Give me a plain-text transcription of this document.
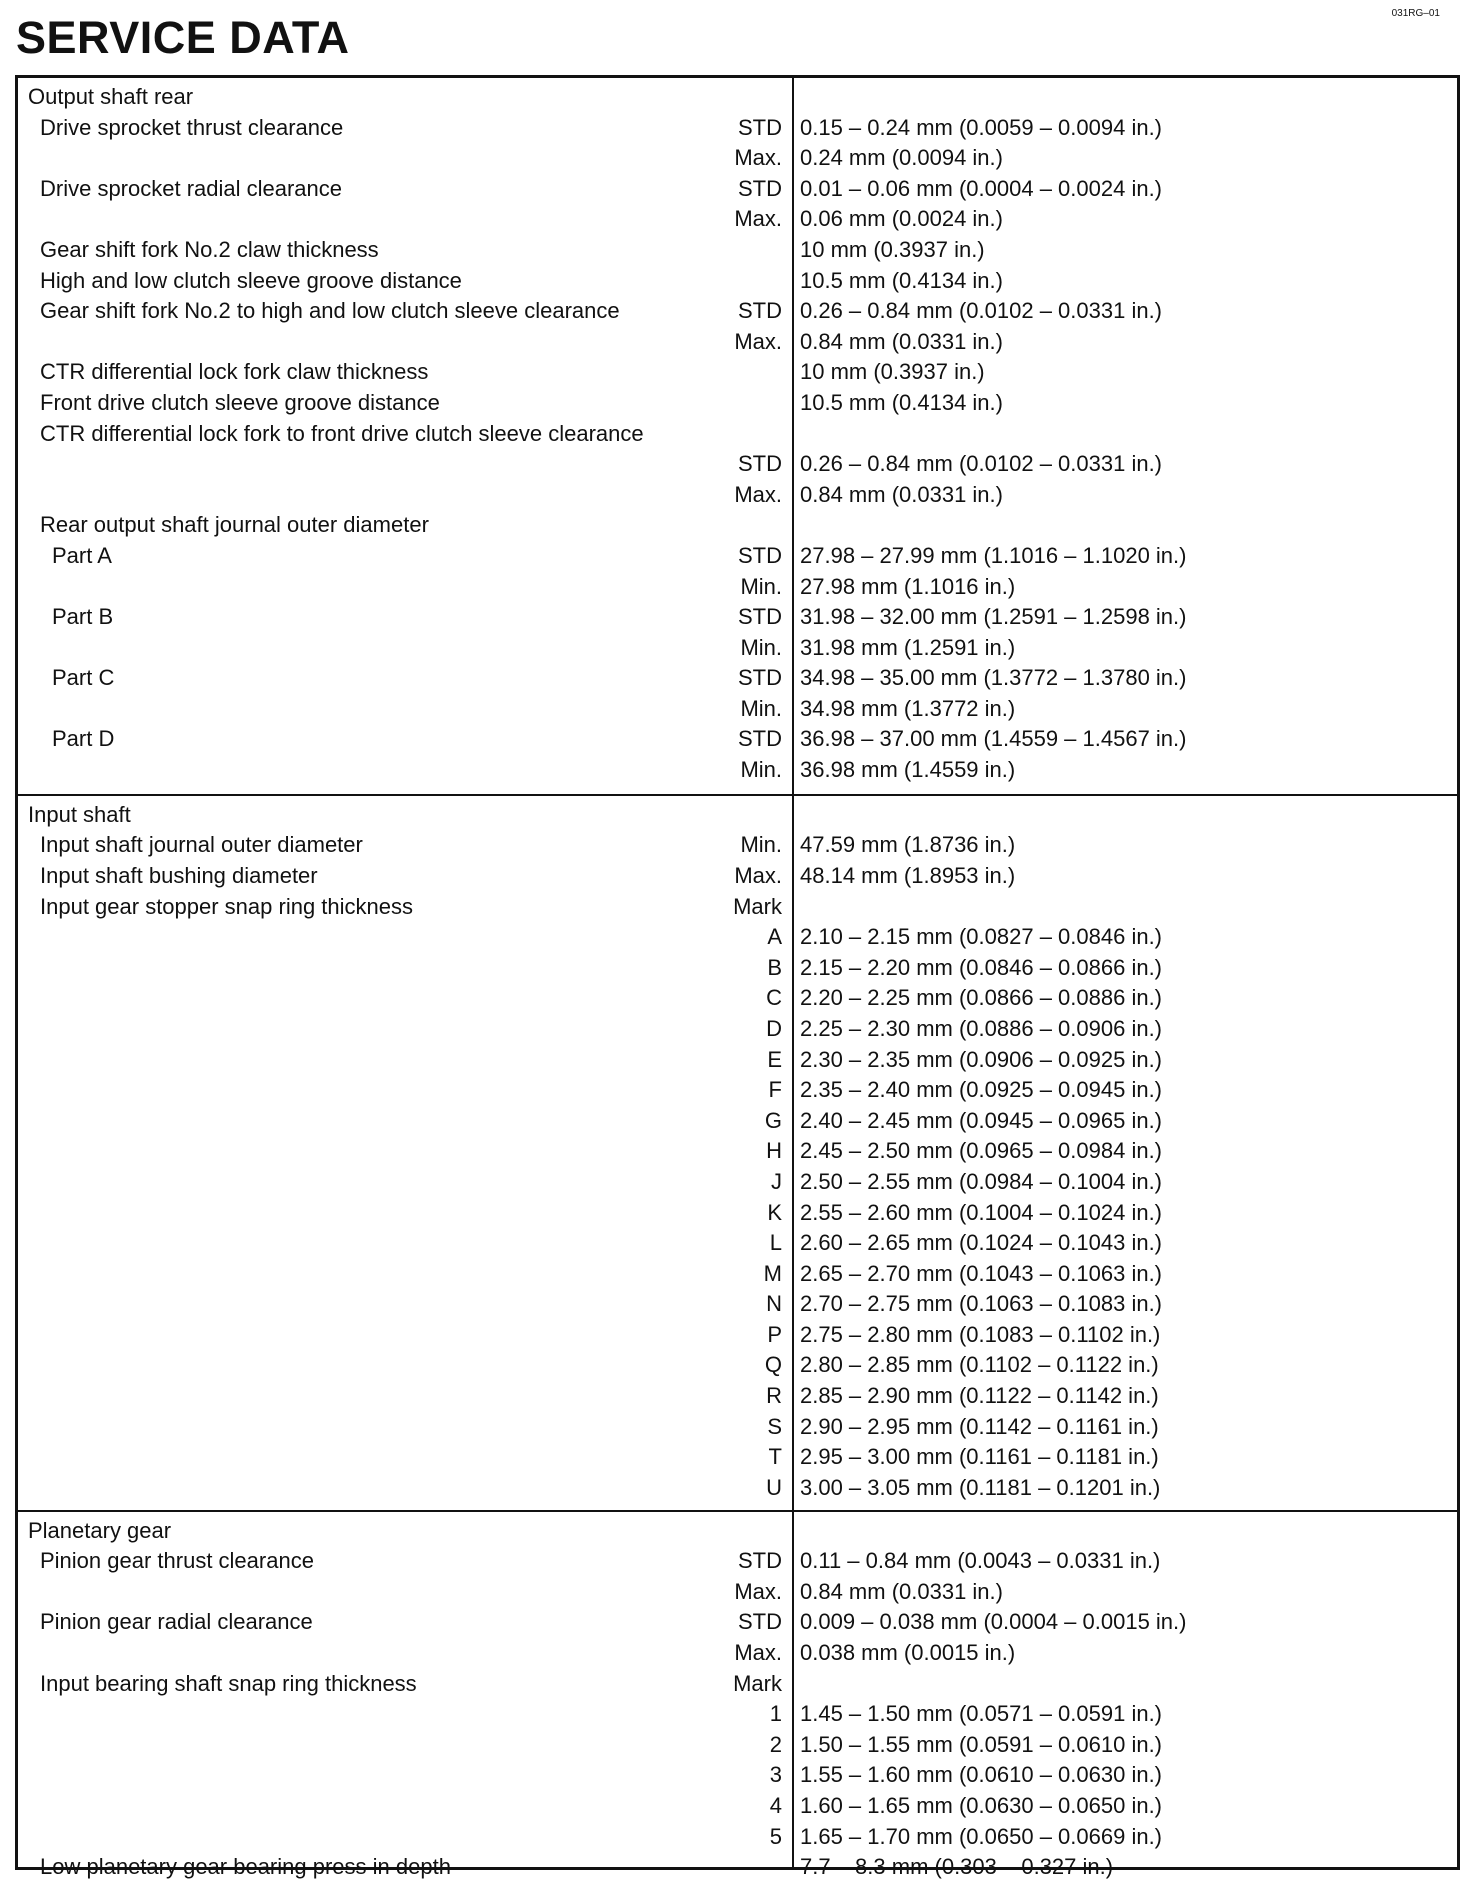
SERVICE DATA	031RG–01
Output shaft rear
Drive sprocket thrust clearance	STD 0.15 – 0.24 mm (0.0059 – 0.0094 in.)
Max. 0.24 mm (0.0094 in.)
Drive sprocket radial clearance	STD 0.01 – 0.06 mm (0.0004 – 0.0024 in.)
Max. 0.06 mm (0.0024 in.)
Gear shift fork No.2 claw thickness	10 mm (0.3937 in.)
High and low clutch sleeve groove distance	10.5 mm (0.4134 in.)
Gear shift fork No.2 to high and low clutch sleeve clearance	STD 0.26 – 0.84 mm (0.0102 – 0.0331 in.)
Max. 0.84 mm (0.0331 in.)
CTR differential lock fork claw thickness	10 mm (0.3937 in.)
Front drive clutch sleeve groove distance	10.5 mm (0.4134 in.)
CTR differential lock fork to front drive clutch sleeve clearance
STD 0.26 – 0.84 mm (0.0102 – 0.0331 in.)
Max. 0.84 mm (0.0331 in.)
Rear output shaft journal outer diameter
Part A	STD 27.98 – 27.99 mm (1.1016 – 1.1020 in.)
Min. 27.98 mm (1.1016 in.)
Part B	STD 31.98 – 32.00 mm (1.2591 – 1.2598 in.)
Min. 31.98 mm (1.2591 in.)
Part C	STD 34.98 – 35.00 mm (1.3772 – 1.3780 in.)
Min. 34.98 mm (1.3772 in.)
Part D	STD 36.98 – 37.00 mm (1.4559 – 1.4567 in.)
Min. 36.98 mm (1.4559 in.)
Input shaft
Input shaft journal outer diameter	Min. 47.59 mm (1.8736 in.)
Input shaft bushing diameter	Max. 48.14 mm (1.8953 in.)
Input gear stopper snap ring thickness	Mark
A 2.10 – 2.15 mm (0.0827 – 0.0846 in.)
B 2.15 – 2.20 mm (0.0846 – 0.0866 in.)
C 2.20 – 2.25 mm (0.0866 – 0.0886 in.)
D 2.25 – 2.30 mm (0.0886 – 0.0906 in.)
E 2.30 – 2.35 mm (0.0906 – 0.0925 in.)
F 2.35 – 2.40 mm (0.0925 – 0.0945 in.)
G 2.40 – 2.45 mm (0.0945 – 0.0965 in.)
H 2.45 – 2.50 mm (0.0965 – 0.0984 in.)
J 2.50 – 2.55 mm (0.0984 – 0.1004 in.)
K 2.55 – 2.60 mm (0.1004 – 0.1024 in.)
L 2.60 – 2.65 mm (0.1024 – 0.1043 in.)
M 2.65 – 2.70 mm (0.1043 – 0.1063 in.)
N 2.70 – 2.75 mm (0.1063 – 0.1083 in.)
P 2.75 – 2.80 mm (0.1083 – 0.1102 in.)
Q 2.80 – 2.85 mm (0.1102 – 0.1122 in.)
R 2.85 – 2.90 mm (0.1122 – 0.1142 in.)
S 2.90 – 2.95 mm (0.1142 – 0.1161 in.)
T 2.95 – 3.00 mm (0.1161 – 0.1181 in.)
U 3.00 – 3.05 mm (0.1181 – 0.1201 in.)
Planetary gear
Pinion gear thrust clearance	STD 0.11 – 0.84 mm (0.0043 – 0.0331 in.)
Max. 0.84 mm (0.0331 in.)
Pinion gear radial clearance	STD 0.009 – 0.038 mm (0.0004 – 0.0015 in.)
Max. 0.038 mm (0.0015 in.)
Input bearing shaft snap ring thickness	Mark
1 1.45 – 1.50 mm (0.0571 – 0.0591 in.)
2 1.50 – 1.55 mm (0.0591 – 0.0610 in.)
3 1.55 – 1.60 mm (0.0610 – 0.0630 in.)
4 1.60 – 1.65 mm (0.0630 – 0.0650 in.)
5 1.65 – 1.70 mm (0.0650 – 0.0669 in.)
Low planetary gear bearing press in depth	7.7 – 8.3 mm (0.303 – 0.327 in.)
